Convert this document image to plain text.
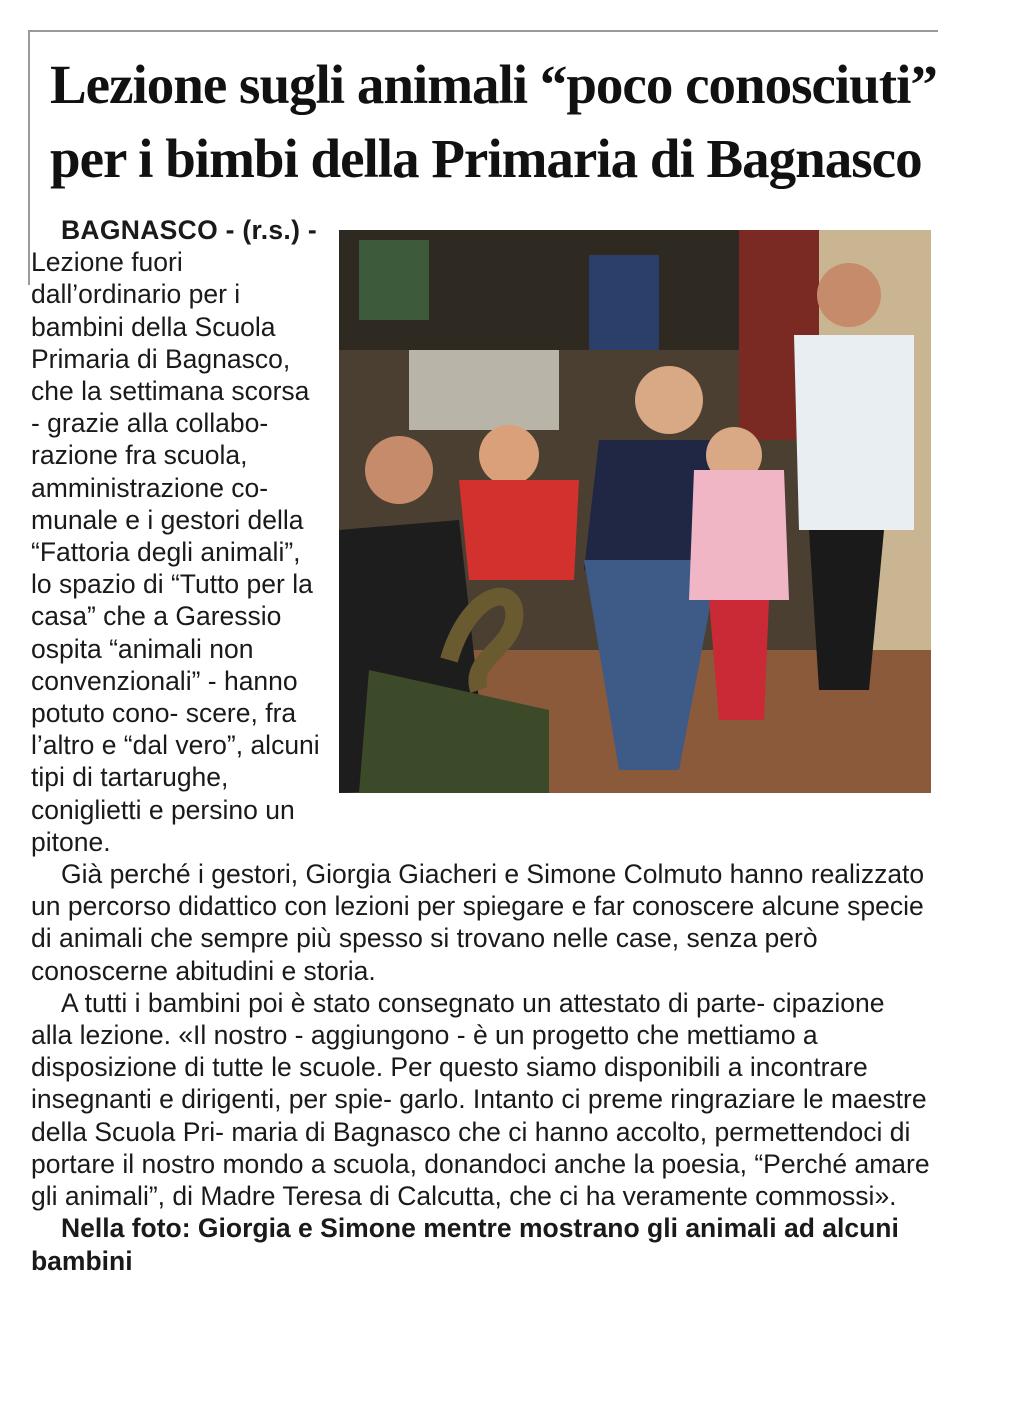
Lezione sugli animali “poco conosciuti”
per i bimbi della Primaria di Bagnasco

BAGNASCO - (r.s.) - Lezione fuori dall’ordinario per i bambini della Scuola Primaria di Bagnasco, che la settimana scorsa - grazie alla collabo- razione fra scuola, amministrazione co- munale e i gestori della “Fattoria degli animali”, lo spazio di “Tutto per la casa” che a Garessio ospita “animali non convenzionali” - hanno potuto cono- scere, fra l’altro e “dal vero”, alcuni tipi di tartarughe, coniglietti e persino un pitone.

Già perché i gestori, Giorgia Giacheri e Simone Colmuto hanno realizzato un percorso didattico con lezioni per spiegare e far conoscere alcune specie di animali che sempre più spesso si trovano nelle case, senza però conoscerne abitudini e storia.

A tutti i bambini poi è stato consegnato un attestato di parte- cipazione alla lezione. «Il nostro - aggiungono - è un progetto che mettiamo a disposizione di tutte le scuole. Per questo siamo disponibili a incontrare insegnanti e dirigenti, per spie- garlo. Intanto ci preme ringraziare le maestre della Scuola Pri- maria di Bagnasco che ci hanno accolto, permettendoci di portare il nostro mondo a scuola, donandoci anche la poesia, “Perché amare gli animali”, di Madre Teresa di Calcutta, che ci ha veramente commossi».

Nella foto: Giorgia e Simone mentre mostrano gli animali ad alcuni bambini
